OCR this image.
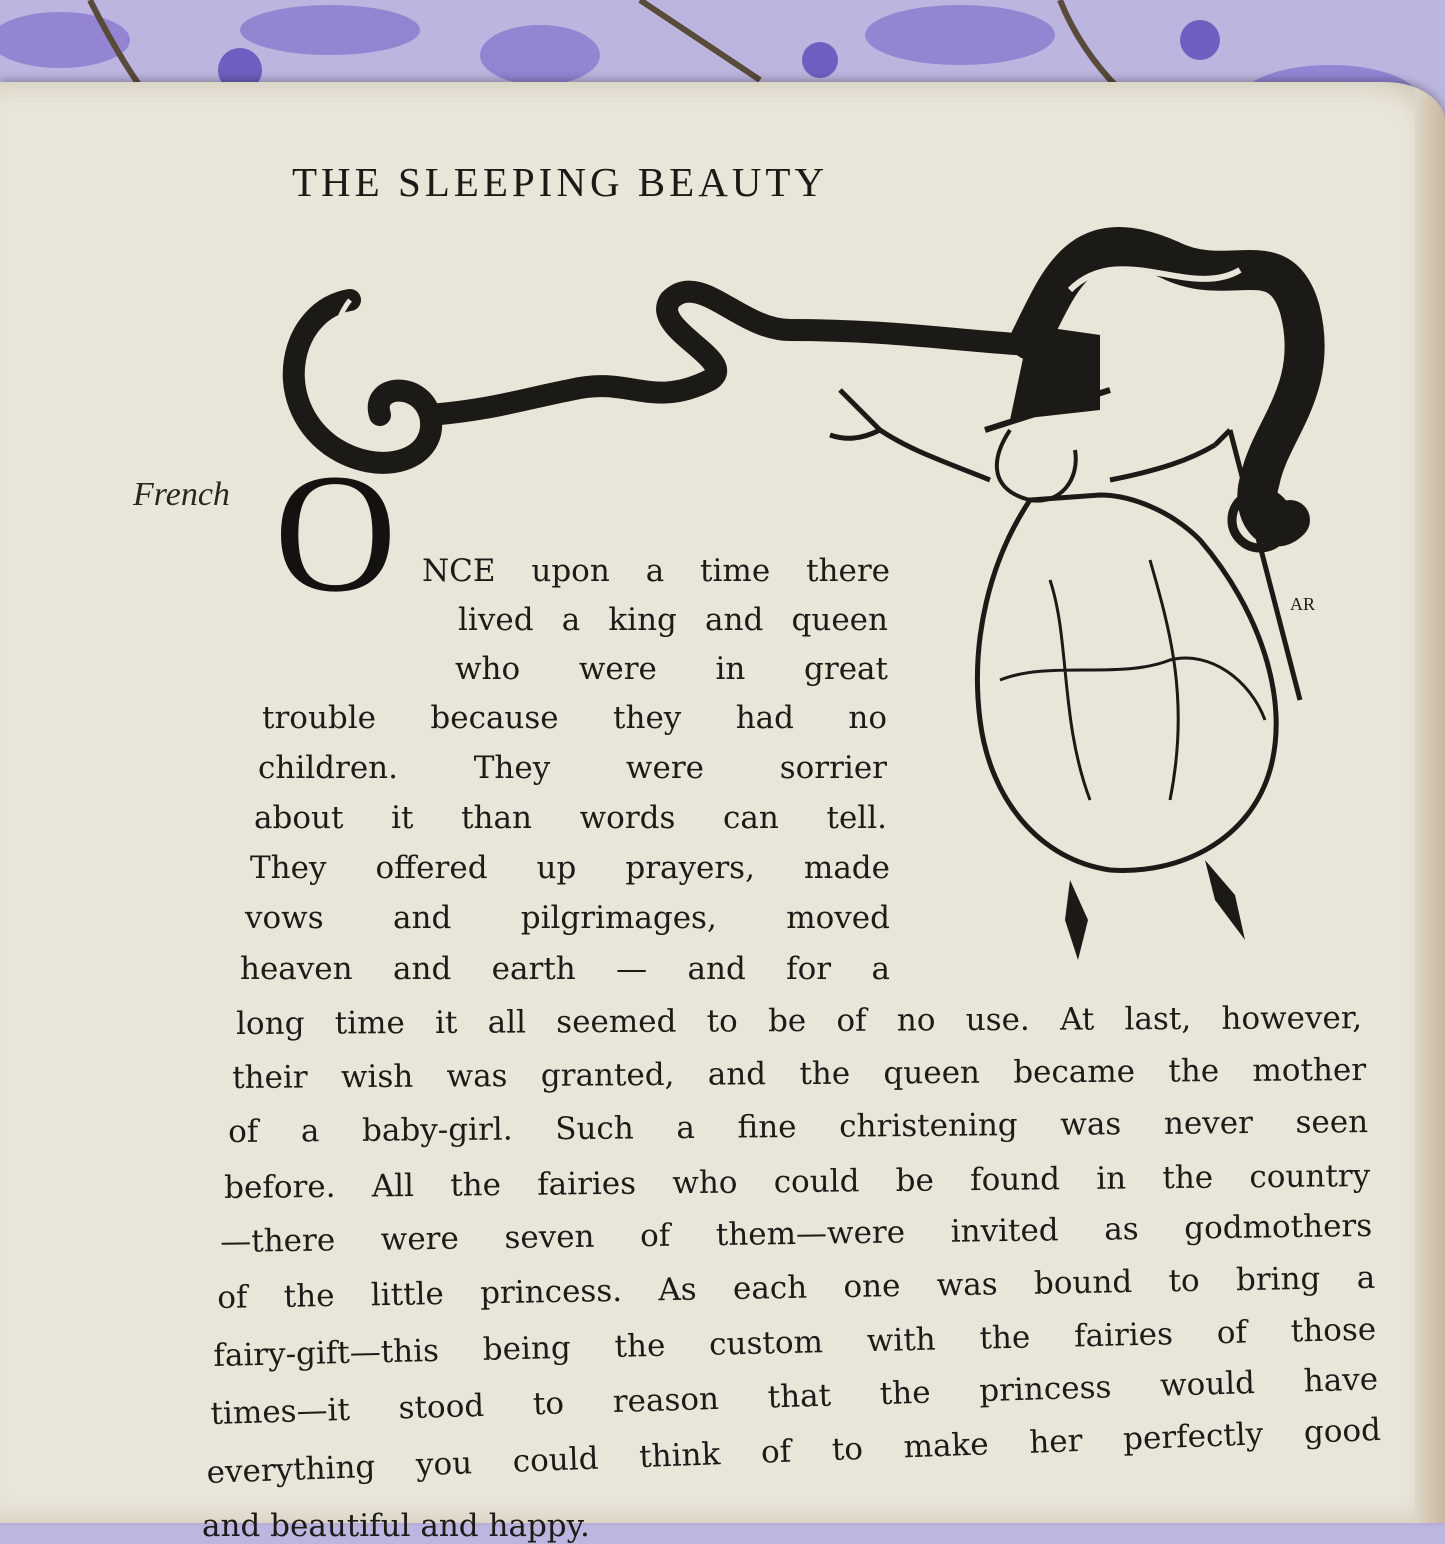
THE SLEEPING BEAUTY
AR
French O NCE upon a time there
lived a king and queen
who were in great
trouble because they had no
children. They were sorrier
about it than words can tell.
They offered up prayers, made
vows and pilgrimages, moved
heaven and earth — and for a
long time it all seemed to be of no use. At last, however,
their wish was granted, and the queen became the mother
of a baby-girl. Such a fine christening was never seen
before. All the fairies who could be found in the country
—there were seven of them—were invited as godmothers
of the little princess. As each one was bound to bring a
fairy-gift—this being the custom with the fairies of those
times—it stood to reason that the princess would have
everything you could think of to make her perfectly good
and beautiful and happy.
